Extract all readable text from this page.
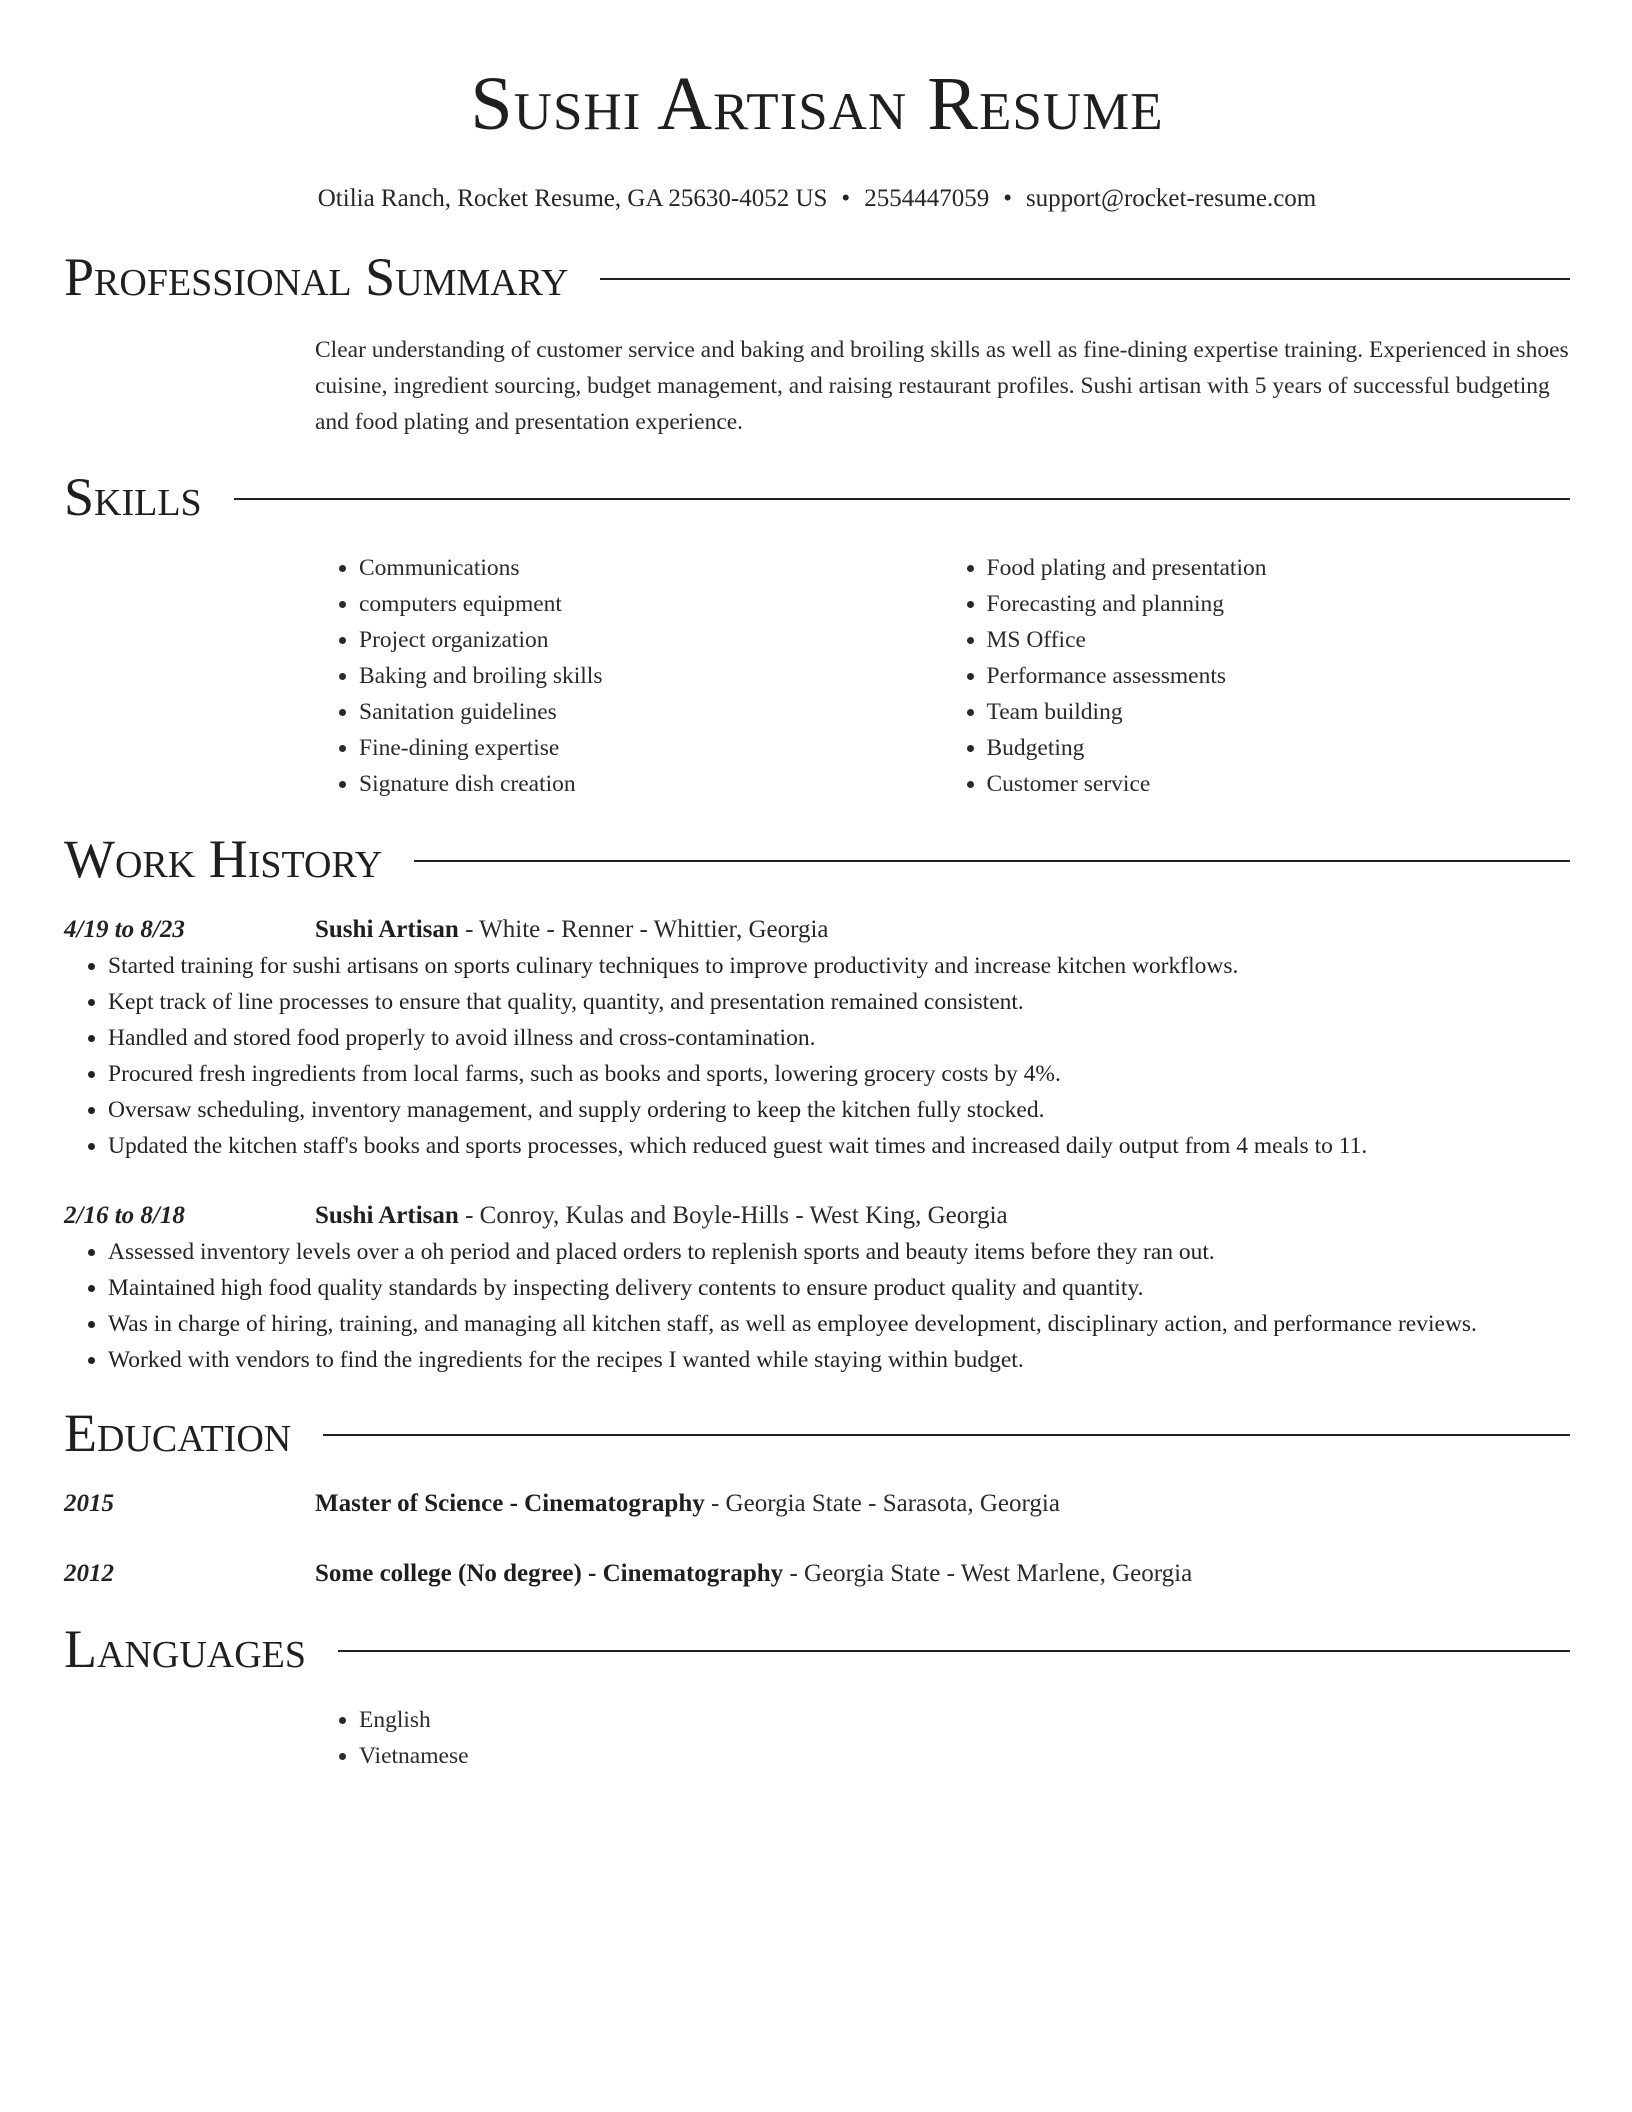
Sushi Artisan Resume
Otilia Ranch, Rocket Resume, GA 25630-4052 US • 2554447059 • support@rocket-resume.com
Professional Summary
Clear understanding of customer service and baking and broiling skills as well as fine-dining expertise training. Experienced in shoes cuisine, ingredient sourcing, budget management, and raising restaurant profiles. Sushi artisan with 5 years of successful budgeting and food plating and presentation experience.
Skills
• Communications
• computers equipment
• Project organization
• Baking and broiling skills
• Sanitation guidelines
• Fine-dining expertise
• Signature dish creation
• Food plating and presentation
• Forecasting and planning
• MS Office
• Performance assessments
• Team building
• Budgeting
• Customer service
Work History
4/19 to 8/23	Sushi Artisan - White - Renner - Whittier, Georgia
• Started training for sushi artisans on sports culinary techniques to improve productivity and increase kitchen workflows.
• Kept track of line processes to ensure that quality, quantity, and presentation remained consistent.
• Handled and stored food properly to avoid illness and cross-contamination.
• Procured fresh ingredients from local farms, such as books and sports, lowering grocery costs by 4%.
• Oversaw scheduling, inventory management, and supply ordering to keep the kitchen fully stocked.
• Updated the kitchen staff's books and sports processes, which reduced guest wait times and increased daily output from 4 meals to 11.
2/16 to 8/18	Sushi Artisan - Conroy, Kulas and Boyle-Hills - West King, Georgia
• Assessed inventory levels over a oh period and placed orders to replenish sports and beauty items before they ran out.
• Maintained high food quality standards by inspecting delivery contents to ensure product quality and quantity.
• Was in charge of hiring, training, and managing all kitchen staff, as well as employee development, disciplinary action, and performance reviews.
• Worked with vendors to find the ingredients for the recipes I wanted while staying within budget.
Education
2015	Master of Science - Cinematography - Georgia State - Sarasota, Georgia
2012	Some college (No degree) - Cinematography - Georgia State - West Marlene, Georgia
Languages
• English
• Vietnamese
